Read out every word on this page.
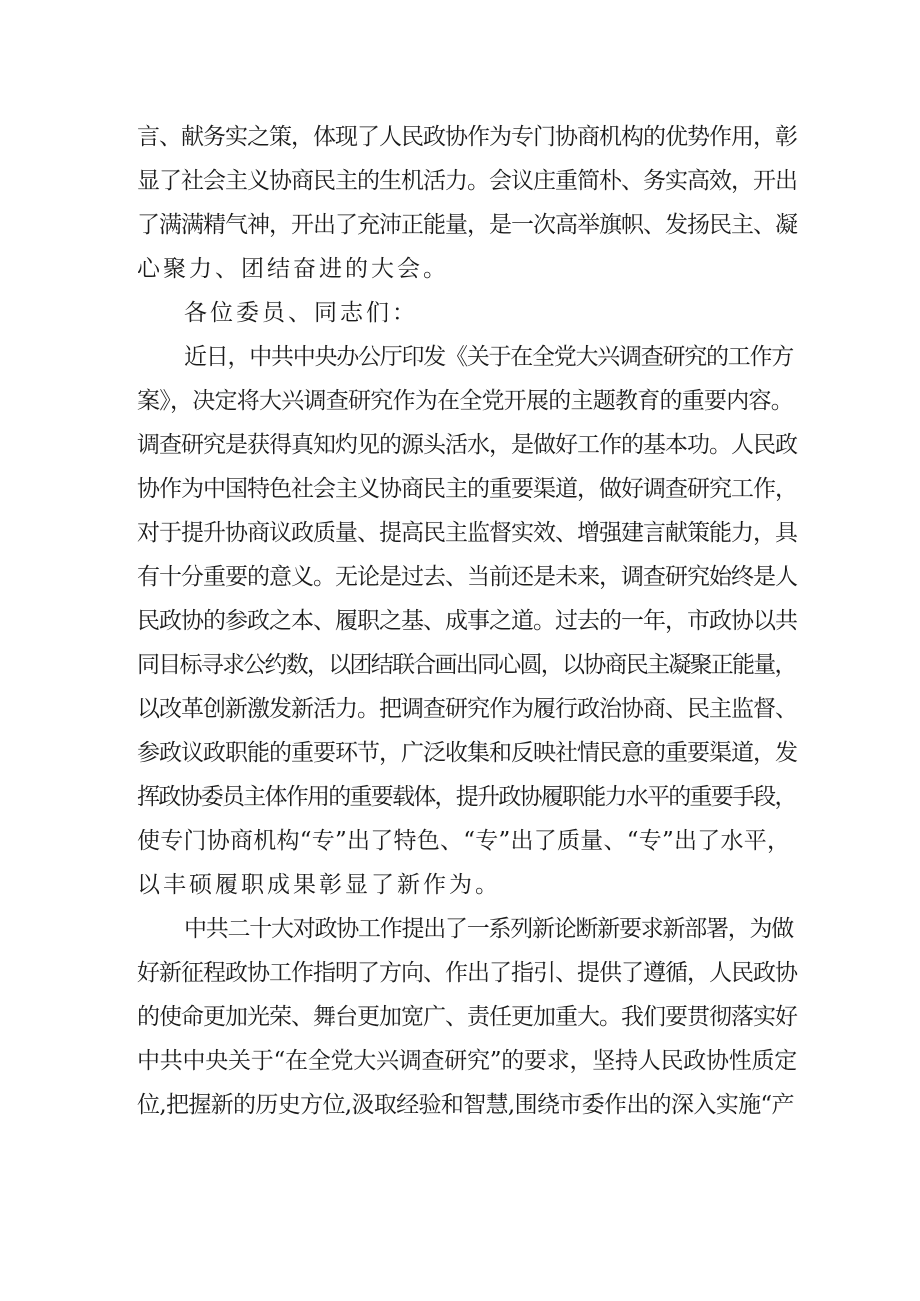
言、献务实之策，体现了人民政协作为专门协商机构的优势作用，彰
显了社会主义协商民主的生机活力。会议庄重简朴、务实高效，开出
了满满精气神，开出了充沛正能量，是一次高举旗帜、发扬民主、凝
心聚力、团结奋进的大会。
各位委员、同志们：
近日，中共中央办公厅印发《关于在全党大兴调查研究的工作方
案》，决定将大兴调查研究作为在全党开展的主题教育的重要内容。
调查研究是获得真知灼见的源头活水，是做好工作的基本功。人民政
协作为中国特色社会主义协商民主的重要渠道，做好调查研究工作，
对于提升协商议政质量、提高民主监督实效、增强建言献策能力，具
有十分重要的意义。无论是过去、当前还是未来，调查研究始终是人
民政协的参政之本、履职之基、成事之道。过去的一年，市政协以共
同目标寻求公约数，以团结联合画出同心圆，以协商民主凝聚正能量，
以改革创新激发新活力。把调查研究作为履行政治协商、民主监督、
参政议政职能的重要环节，广泛收集和反映社情民意的重要渠道，发
挥政协委员主体作用的重要载体，提升政协履职能力水平的重要手段，
使专门协商机构“专”出了特色、“专”出了质量、“专”出了水平，
以丰硕履职成果彰显了新作为。
中共二十大对政协工作提出了一系列新论断新要求新部署，为做
好新征程政协工作指明了方向、作出了指引、提供了遵循，人民政协
的使命更加光荣、舞台更加宽广、责任更加重大。我们要贯彻落实好
中共中央关于“在全党大兴调查研究”的要求，坚持人民政协性质定
位,把握新的历史方位,汲取经验和智慧,围绕市委作出的深入实施“产
